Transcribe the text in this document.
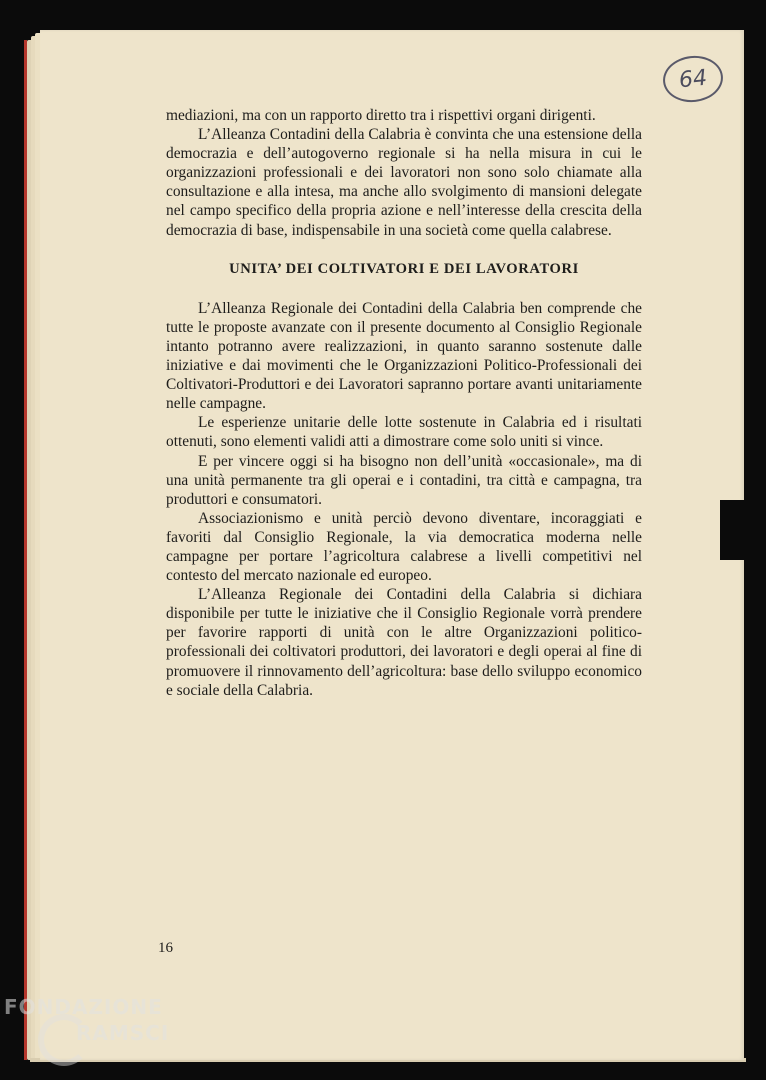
64

mediazioni, ma con un rapporto diretto tra i rispettivi organi dirigenti.

L’Alleanza Contadini della Calabria è convinta che una estensione della democrazia e dell’autogoverno regionale si ha nella misura in cui le organizzazioni professionali e dei lavoratori non sono solo chiamate alla consultazione e alla intesa, ma anche allo svolgimento di mansioni delegate nel campo specifico della propria azione e nell’interesse della crescita della democrazia di base, indispensabile in una società come quella calabrese.

UNITA’ DEI COLTIVATORI E DEI LAVORATORI

L’Alleanza Regionale dei Contadini della Calabria ben comprende che tutte le proposte avanzate con il presente documento al Consiglio Regionale intanto potranno avere realizzazioni, in quanto saranno sostenute dalle iniziative e dai movimenti che le Organizzazioni Politico-Professionali dei Coltivatori-Produttori e dei Lavoratori sapranno portare avanti unitariamente nelle campagne.

Le esperienze unitarie delle lotte sostenute in Calabria ed i risultati ottenuti, sono elementi validi atti a dimostrare come solo uniti si vince.

E per vincere oggi si ha bisogno non dell’unità «occasionale», ma di una unità permanente tra gli operai e i contadini, tra città e campagna, tra produttori e consumatori.

Associazionismo e unità perciò devono diventare, incoraggiati e favoriti dal Consiglio Regionale, la via democratica moderna nelle campagne per portare l’agricoltura calabrese a livelli competitivi nel contesto del mercato nazionale ed europeo.

L’Alleanza Regionale dei Contadini della Calabria si dichiara disponibile per tutte le iniziative che il Consiglio Regionale vorrà prendere per favorire rapporti di unità con le altre Organizzazioni politico-professionali dei coltivatori produttori, dei lavoratori e degli operai al fine di promuovere il rinnovamento dell’agricoltura: base dello sviluppo economico e sociale della Calabria.

16
FONDAZIONE
RAMSCI
